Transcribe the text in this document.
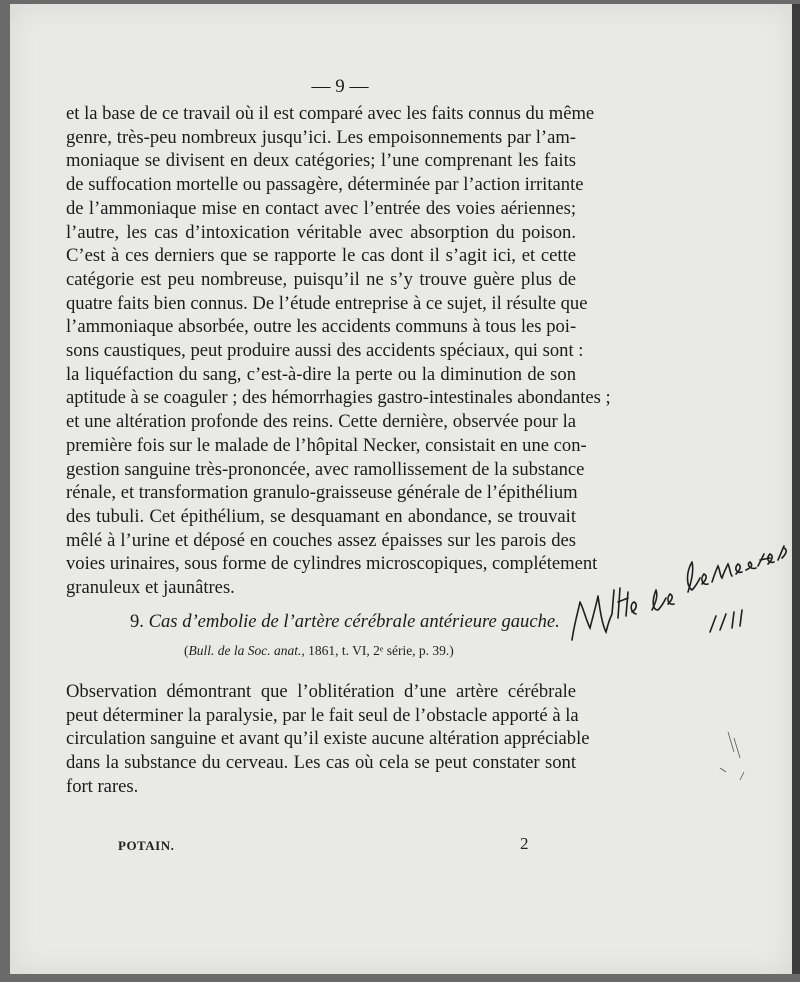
— 9 —
et la base de ce travail où il est comparé avec les faits connus du même
genre, très-peu nombreux jusqu’ici. Les empoisonnements par l’am-
moniaque se divisent en deux catégories; l’une comprenant les faits
de suffocation mortelle ou passagère, déterminée par l’action irritante
de l’ammoniaque mise en contact avec l’entrée des voies aériennes;
l’autre, les cas d’intoxication véritable avec absorption du poison.
C’est à ces derniers que se rapporte le cas dont il s’agit ici, et cette
catégorie est peu nombreuse, puisqu’il ne s’y trouve guère plus de
quatre faits bien connus. De l’étude entreprise à ce sujet, il résulte que
l’ammoniaque absorbée, outre les accidents communs à tous les poi-
sons caustiques, peut produire aussi des accidents spéciaux, qui sont :
la liquéfaction du sang, c’est-à-dire la perte ou la diminution de son
aptitude à se coaguler ; des hémorrhagies gastro-intestinales abondantes ;
et une altération profonde des reins. Cette dernière, observée pour la
première fois sur le malade de l’hôpital Necker, consistait en une con-
gestion sanguine très-prononcée, avec ramollissement de la substance
rénale, et transformation granulo-graisseuse générale de l’épithélium
des tubuli. Cet épithélium, se desquamant en abondance, se trouvait
mêlé à l’urine et déposé en couches assez épaisses sur les parois des
voies urinaires, sous forme de cylindres microscopiques, complétement
granuleux et jaunâtres.
9. Cas d’embolie de l’artère cérébrale antérieure gauche.
(Bull. de la Soc. anat., 1861, t. VI, 2ᵉ série, p. 39.)
Observation démontrant que l’oblitération d’une artère cérébrale
peut déterminer la paralysie, par le fait seul de l’obstacle apporté à la
circulation sanguine et avant qu’il existe aucune altération appréciable
dans la substance du cerveau. Les cas où cela se peut constater sont
fort rares.
POTAIN.	2
